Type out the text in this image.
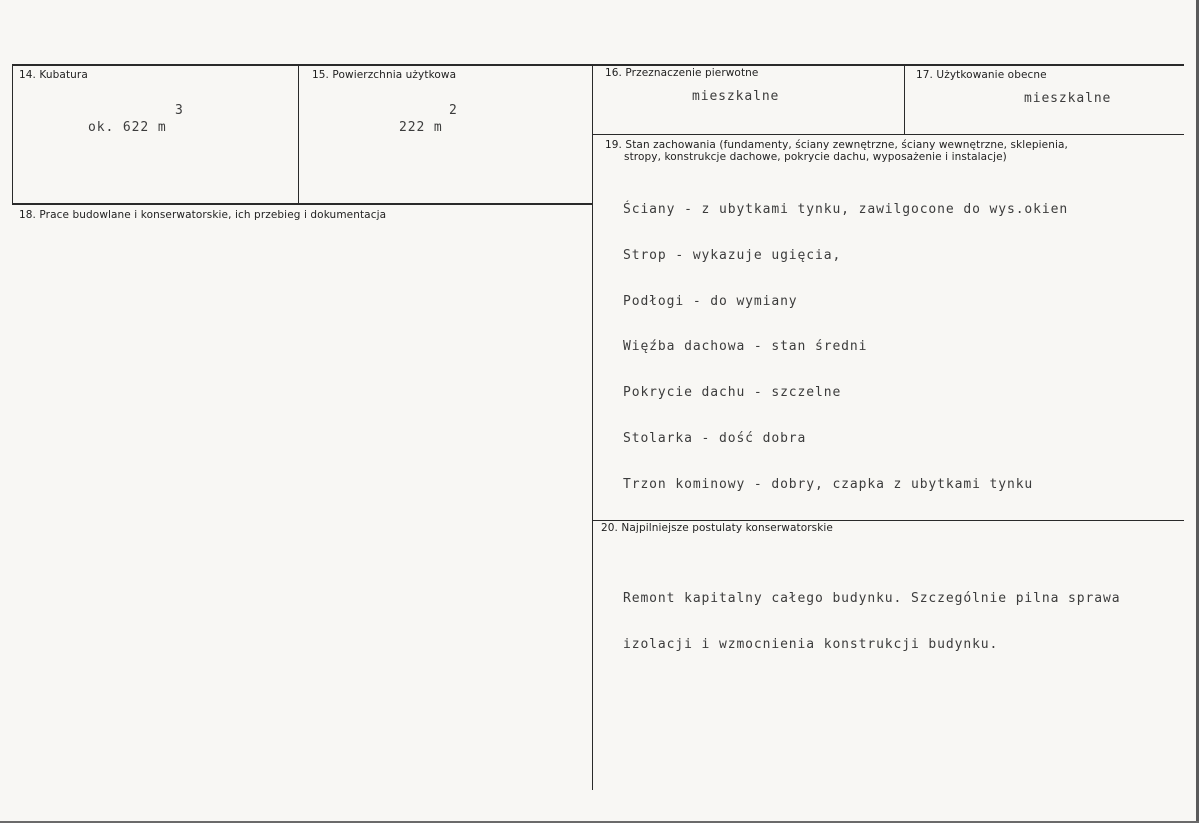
14. Kubatura
3
ok. 622 m
15. Powierzchnia użytkowa
2
222 m
16. Przeznaczenie pierwotne
mieszkalne
17. Użytkowanie obecne
mieszkalne
18. Prace budowlane i konserwatorskie, ich przebieg i dokumentacja
19. Stan zachowania (fundamenty, ściany zewnętrzne, ściany wewnętrzne, sklepienia,
stropy, konstrukcje dachowe, pokrycie dachu, wyposażenie i instalacje)

Ściany - z ubytkami tynku, zawilgocone do wys.okien

Strop - wykazuje ugięcia,

Podłogi - do wymiany

Więźba dachowa - stan średni

Pokrycie dachu - szczelne

Stolarka - dość dobra

Trzon kominowy - dobry, czapka z ubytkami tynku

20. Najpilniejsze postulaty konserwatorskie

Remont kapitalny całego budynku. Szczególnie pilna sprawa

izolacji i wzmocnienia konstrukcji budynku.
